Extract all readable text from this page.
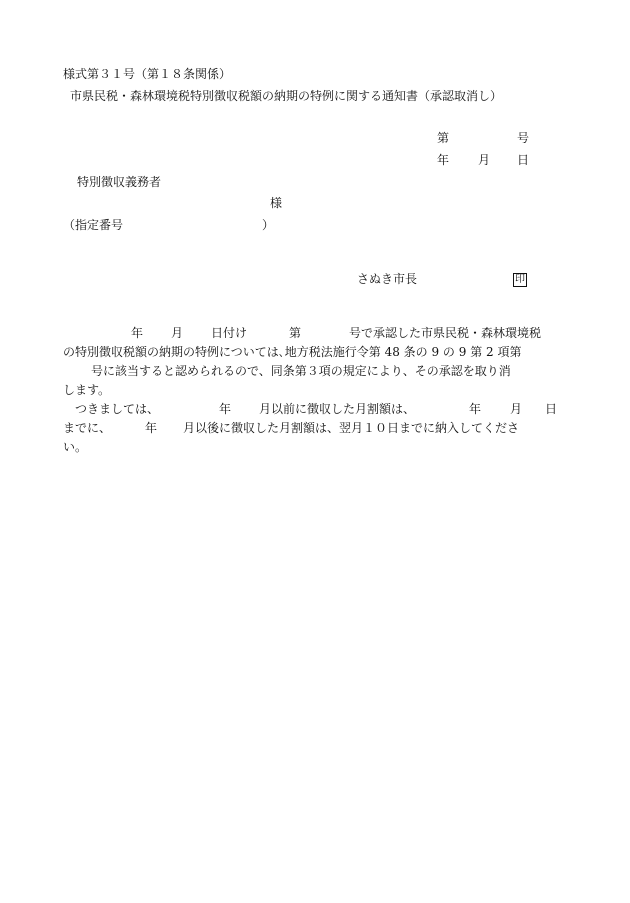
様式第３１号（第１８条関係）
市県民税・森林環境税特別徴収税額の納期の特例に関する通知書（承認取消し）
第	号
年 月 日
特別徴収義務者
様
（指定番号	）
さぬき市長	印
年 月 日付け	第	号で承認した市県民税・森林環境税
の特別徴収税額の納期の特例については､地方税法施行令第 48 条の 9 の 9 第 2 項第
号に該当すると認められるので、同条第３項の規定により、その承認を取り消
します。
つきましては、	年 月以前に徴収した月割額は、	年 月 日
までに、	年 月以後に徴収した月割額は、翌月１０日までに納入してくださ
い。
